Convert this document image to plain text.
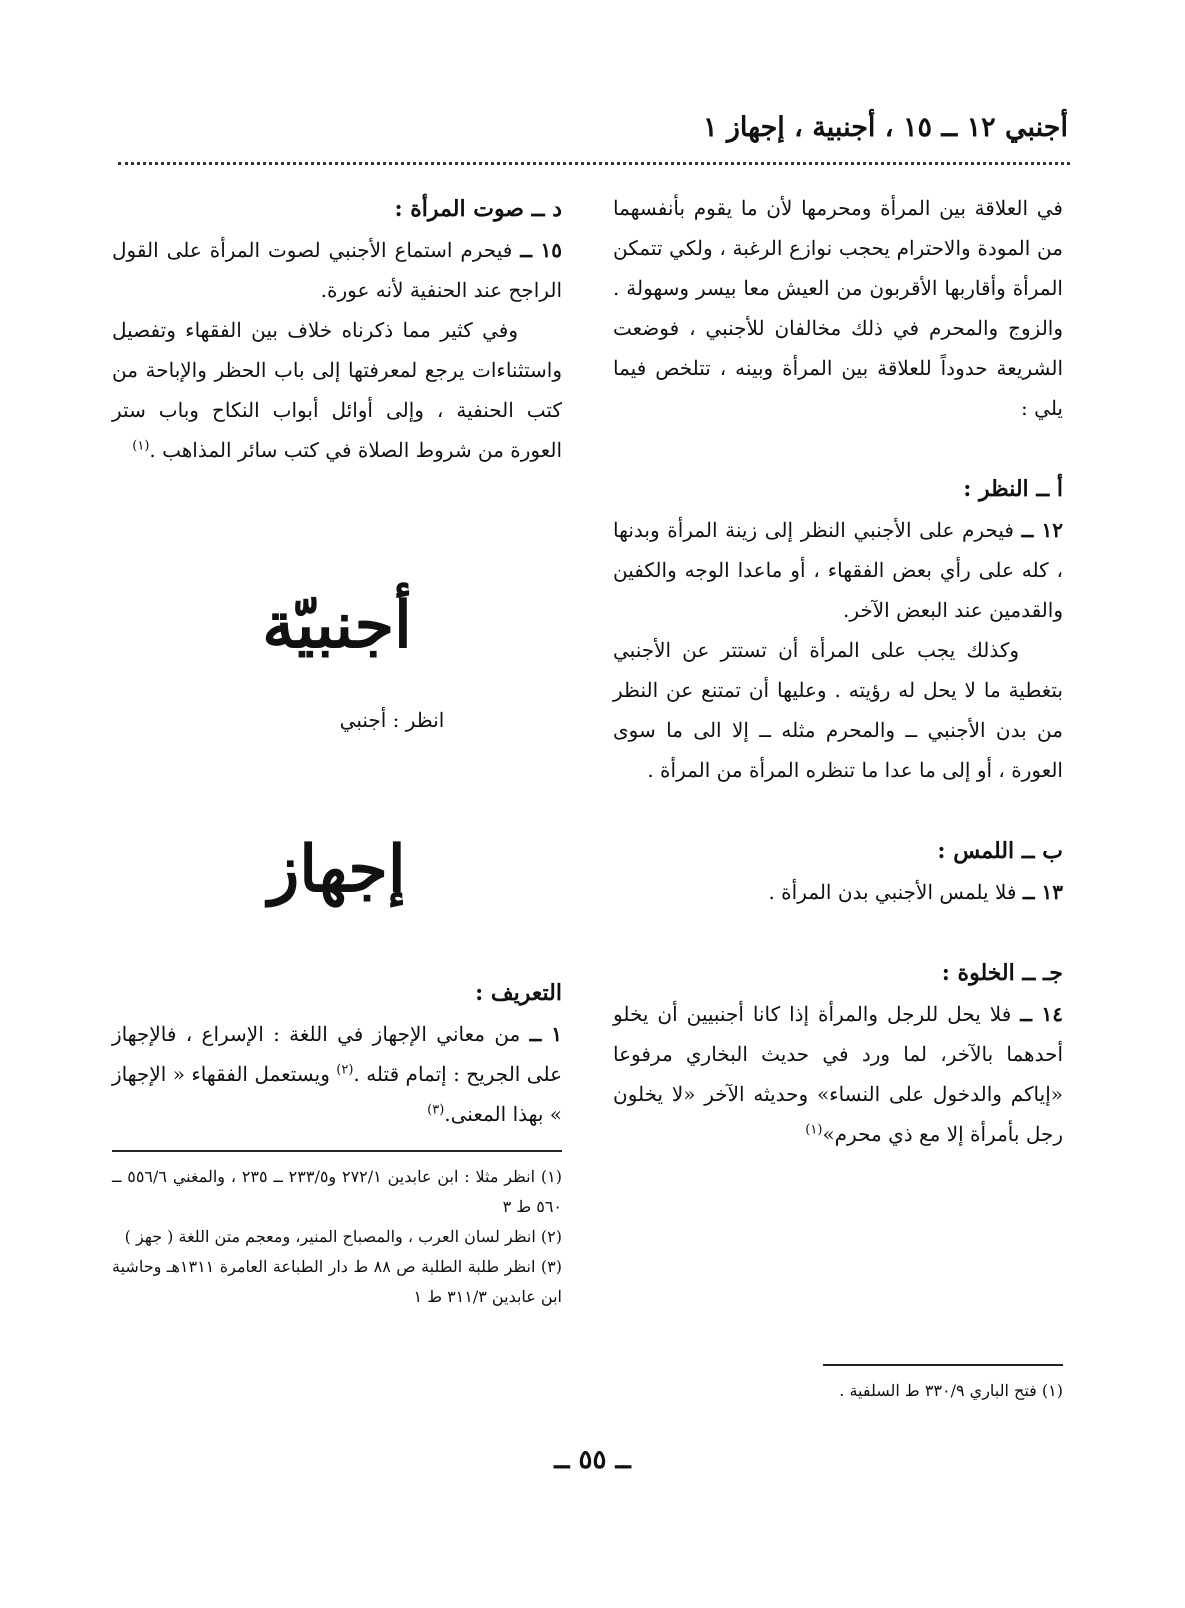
أجنبي ١٢ ــ ١٥ ، أجنبية ، إجهاز ١

في العلاقة بين المرأة ومحرمها لأن ما يقوم بأنفسهما من المودة والاحترام يحجب نوازع الرغبة ، ولكي تتمكن المرأة وأقاربها الأقربون من العيش معا بيسر وسهولة . والزوج والمحرم في ذلك مخالفان للأجنبي ، فوضعت الشريعة حدوداً للعلاقة بين المرأة وبينه ، تتلخص فيما يلي :

أ ــ النظر :

١٢ ــ فيحرم على الأجنبي النظر إلى زينة المرأة وبدنها ، كله على رأي بعض الفقهاء ، أو ماعدا الوجه والكفين والقدمين عند البعض الآخر.

وكذلك يجب على المرأة أن تستتر عن الأجنبي بتغطية ما لا يحل له رؤيته . وعليها أن تمتنع عن النظر من بدن الأجنبي ــ والمحرم مثله ــ إلا الى ما سوى العورة ، أو إلى ما عدا ما تنظره المرأة من المرأة .

ب ــ اللمس :

١٣ ــ فلا يلمس الأجنبي بدن المرأة .

جـ ــ الخلوة :

١٤ ــ فلا يحل للرجل والمرأة إذا كانا أجنبيين أن يخلو أحدهما بالآخر، لما ورد في حديث البخاري مرفوعا «إياكم والدخول على النساء» وحديثه الآخر «لا يخلون رجل بأمرأة إلا مع ذي محرم»$^{(١)}$

(١) فتح الباري ٣٣٠/٩ ط السلفية .

د ــ صوت المرأة :

١٥ ــ فيحرم استماع الأجنبي لصوت المرأة على القول الراجح عند الحنفية لأنه عورة.

وفي كثير مما ذكرناه خلاف بين الفقهاء وتفصيل واستثناءات يرجع لمعرفتها إلى باب الحظر والإباحة من كتب الحنفية ، وإلى أوائل أبواب النكاح وباب ستر العورة من شروط الصلاة في كتب سائر المذاهب .$^{(١)}$

أجنبيّة

انظر : أجنبي

إجهاز

التعريف :

١ ــ من معاني الإجهاز في اللغة : الإسراع ، فالإجهاز على الجريح : إتمام قتله .$^{(٢)}$ ويستعمل الفقهاء « الإجهاز » بهذا المعنى.$^{(٣)}$

(١) انظر مثلا : ابن عابدين ٢٧٢/١ و٢٣٣/٥ ــ ٢٣٥ ، والمغني ٥٥٦/٦ ــ ٥٦٠ ط ٣

(٢) انظر لسان العرب ، والمصباح المنير، ومعجم متن اللغة ( جهز )

(٣) انظر طلبة الطلبة ص ٨٨ ط دار الطباعة العامرة ١٣١١هـ وحاشية ابن عابدين ٣١١/٣ ط ١

ــ ٥٥ ــ
